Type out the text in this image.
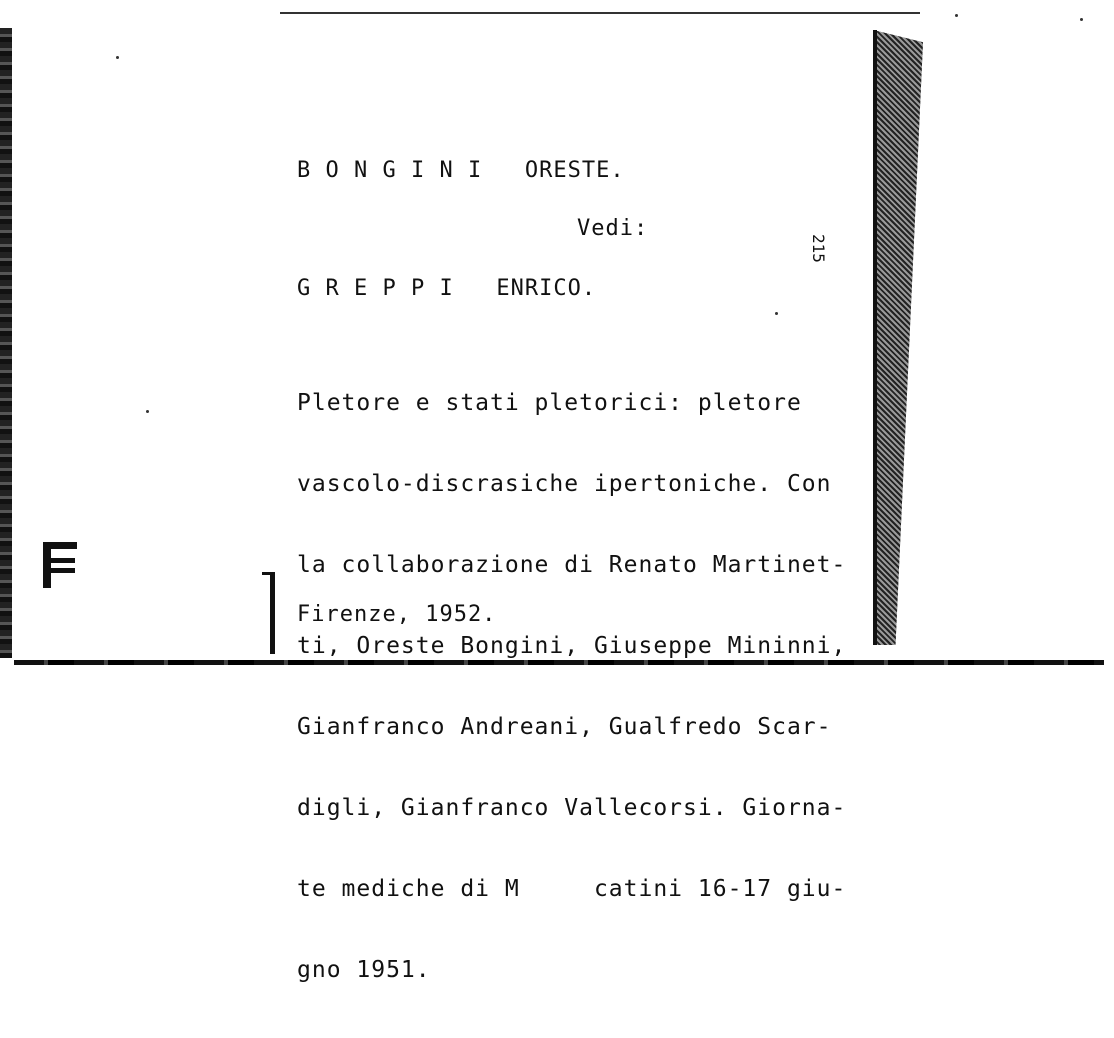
B O N G I N I   ORESTE.
Vedi:
G R E P P I   ENRICO.

Pletore e stati pletorici: pletore

vascolo-discrasiche ipertoniche. Con

la collaborazione di Renato Martinet-

ti, Oreste Bongini, Giuseppe Mininni,

Gianfranco Andreani, Gualfredo Scar-

digli, Gianfranco Vallecorsi. Giorna-

te mediche di M     catini 16-17 giu-

gno 1951.

Firenze, 1952.
215
